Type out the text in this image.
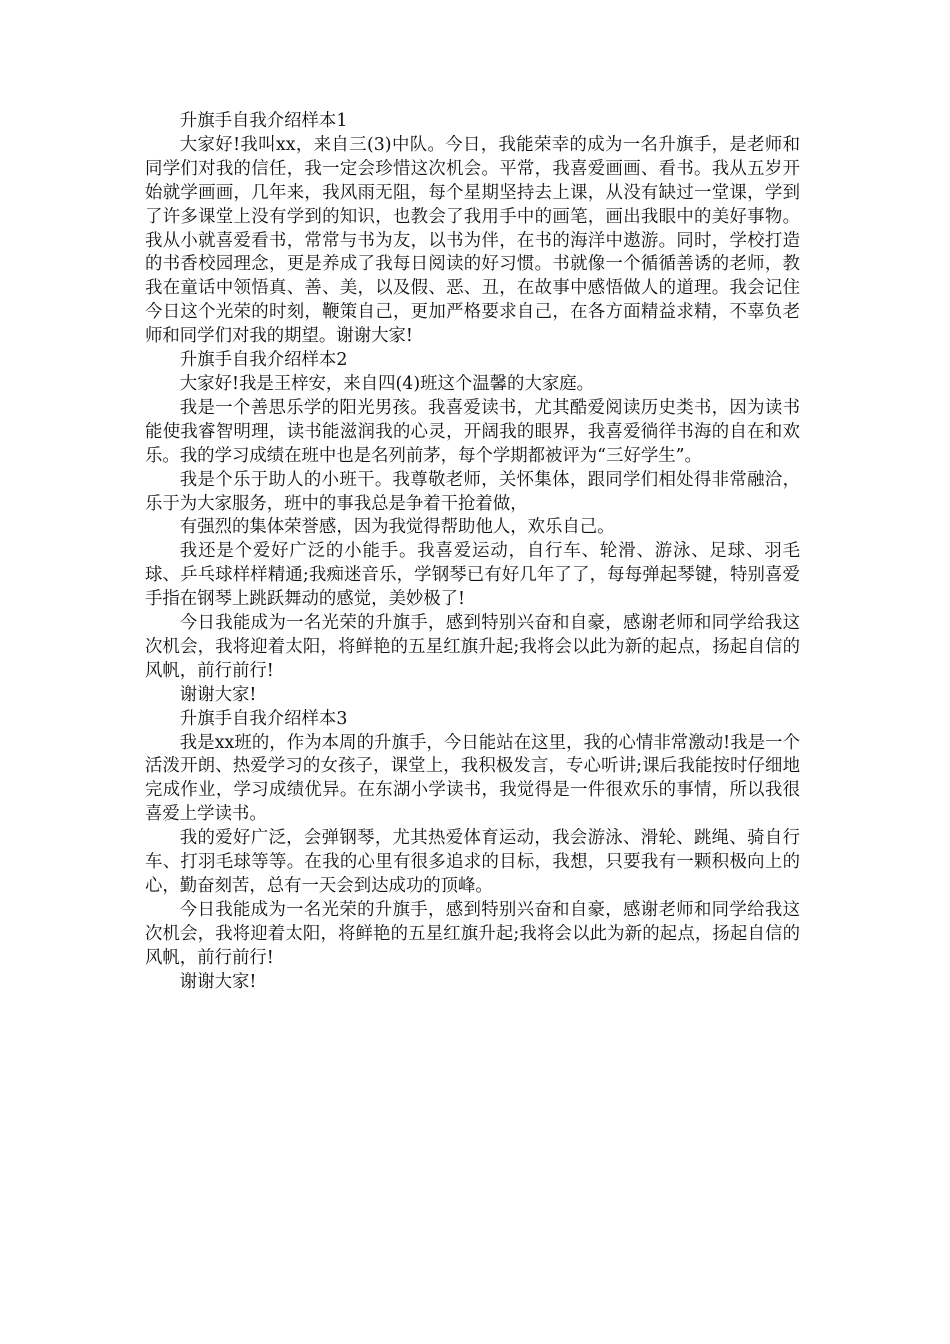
升旗手自我介绍样本1

大家好!我叫xx，来自三(3)中队。今日，我能荣幸的成为一名升旗手，是老师和同学们对我的信任，我一定会珍惜这次机会。平常，我喜爱画画、看书。我从五岁开始就学画画，几年来，我风雨无阻，每个星期坚持去上课，从没有缺过一堂课，学到了许多课堂上没有学到的知识，也教会了我用手中的画笔，画出我眼中的美好事物。我从小就喜爱看书，常常与书为友，以书为伴，在书的海洋中遨游。同时，学校打造的书香校园理念，更是养成了我每日阅读的好习惯。书就像一个循循善诱的老师，教我在童话中领悟真、善、美，以及假、恶、丑，在故事中感悟做人的道理。我会记住今日这个光荣的时刻，鞭策自己，更加严格要求自己，在各方面精益求精，不辜负老师和同学们对我的期望。谢谢大家!

升旗手自我介绍样本2

大家好!我是王梓安，来自四(4)班这个温馨的大家庭。

我是一个善思乐学的阳光男孩。我喜爱读书，尤其酷爱阅读历史类书，因为读书能使我睿智明理，读书能滋润我的心灵，开阔我的眼界，我喜爱徜徉书海的自在和欢乐。我的学习成绩在班中也是名列前茅，每个学期都被评为“三好学生”。

我是个乐于助人的小班干。我尊敬老师，关怀集体，跟同学们相处得非常融洽，乐于为大家服务，班中的事我总是争着干抢着做，

有强烈的集体荣誉感，因为我觉得帮助他人，欢乐自己。

我还是个爱好广泛的小能手。我喜爱运动，自行车、轮滑、游泳、足球、羽毛球、乒乓球样样精通;我痴迷音乐，学钢琴已有好几年了了，每每弹起琴键，特别喜爱手指在钢琴上跳跃舞动的感觉，美妙极了!

今日我能成为一名光荣的升旗手，感到特别兴奋和自豪，感谢老师和同学给我这次机会，我将迎着太阳，将鲜艳的五星红旗升起;我将会以此为新的起点，扬起自信的风帆，前行前行!

谢谢大家!

升旗手自我介绍样本3

我是xx班的，作为本周的升旗手，今日能站在这里，我的心情非常激动!我是一个活泼开朗、热爱学习的女孩子，课堂上，我积极发言，专心听讲;课后我能按时仔细地完成作业，学习成绩优异。在东湖小学读书，我觉得是一件很欢乐的事情，所以我很喜爱上学读书。

我的爱好广泛，会弹钢琴，尤其热爱体育运动，我会游泳、滑轮、跳绳、骑自行车、打羽毛球等等。在我的心里有很多追求的目标，我想，只要我有一颗积极向上的心，勤奋刻苦，总有一天会到达成功的顶峰。

今日我能成为一名光荣的升旗手，感到特别兴奋和自豪，感谢老师和同学给我这次机会，我将迎着太阳，将鲜艳的五星红旗升起;我将会以此为新的起点，扬起自信的风帆，前行前行!

谢谢大家!
